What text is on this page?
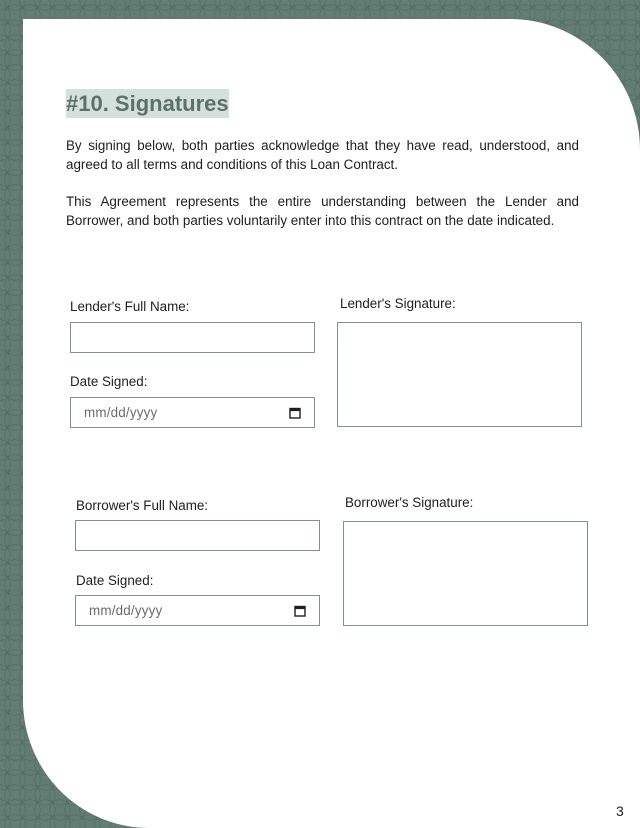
#10. Signatures

By signing below, both parties acknowledge that they have read, understood, and agreed to all terms and conditions of this Loan Contract.

This Agreement represents the entire understanding between the Lender and Borrower, and both parties voluntarily enter into this contract on the date indicated.

Lender's Full Name:
Date Signed:
mm/dd/yyyy
Lender's Signature:
Borrower's Full Name:
Date Signed:
mm/dd/yyyy
Borrower's Signature:
3
